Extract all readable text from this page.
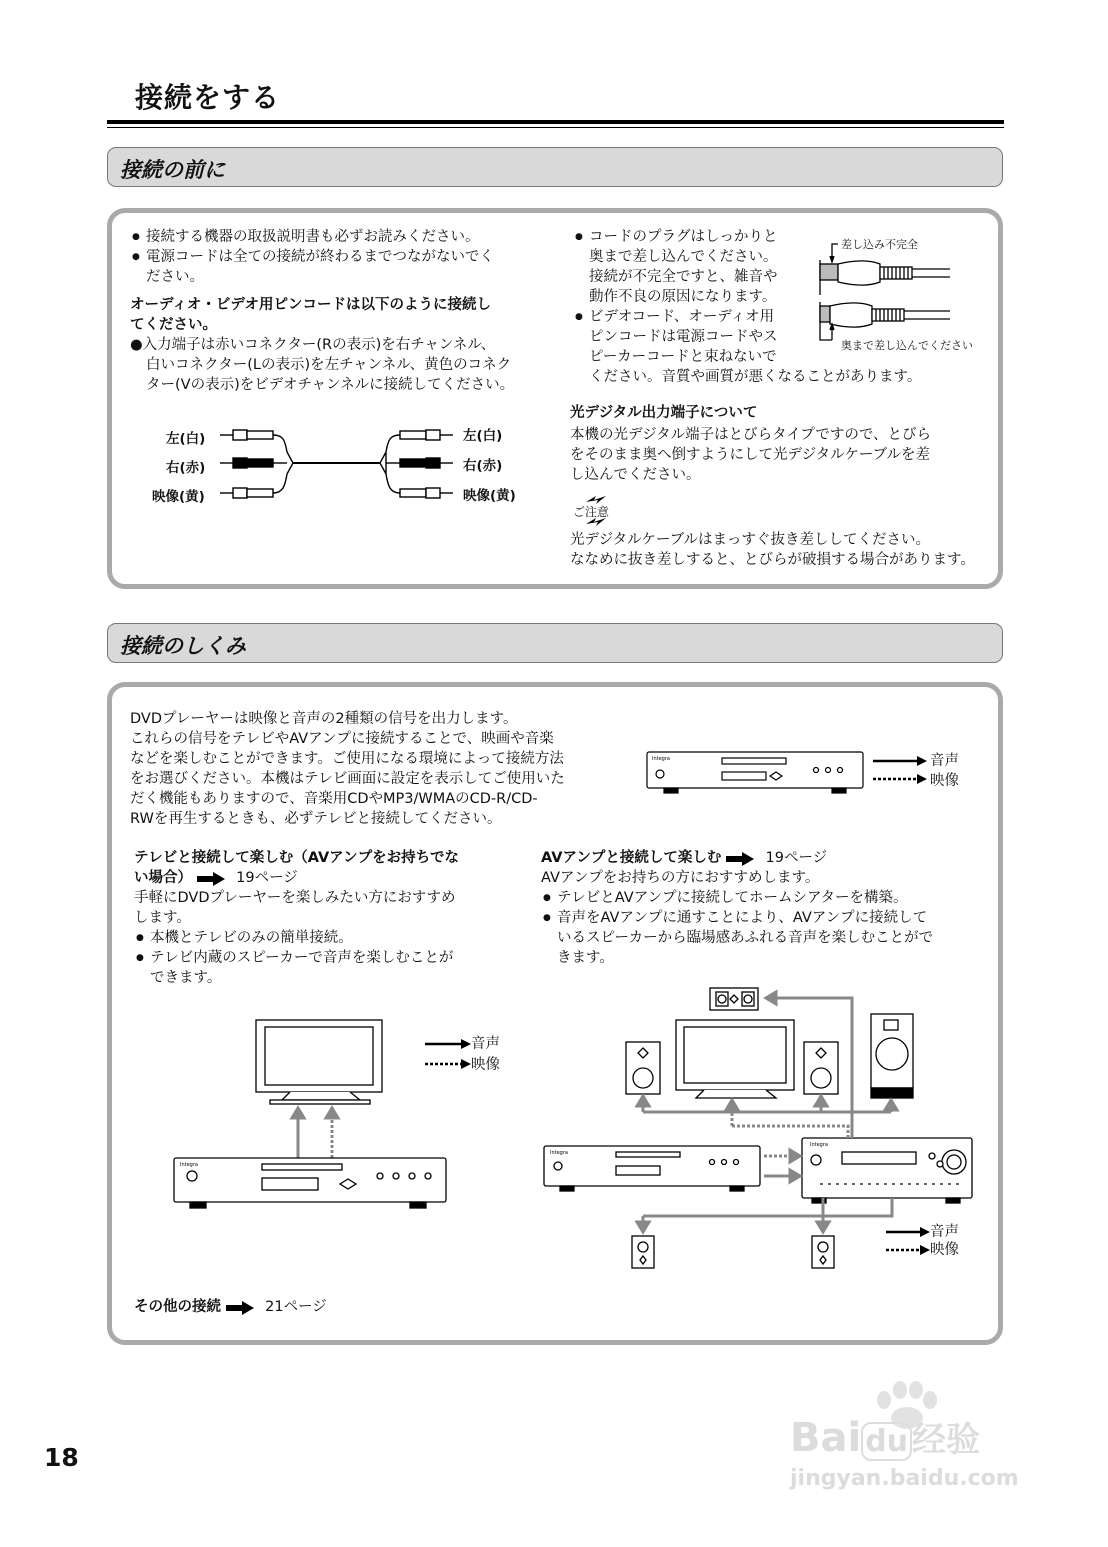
接続をする
接続の前に
● 接続する機器の取扱説明書も必ずお読みください。
● 電源コードは全ての接続が終わるまでつながないでく
ださい。
オーディオ・ビデオ用ピンコードは以下のように接続し
てください。
●入力端子は赤いコネクター(Rの表示)を右チャンネル、
白いコネクター(Lの表示)を左チャンネル、黄色のコネク
ター(Vの表示)をビデオチャンネルに接続してください。
左(白)
右(赤)
映像(黄)
左(白)
右(赤)
映像(黄)
● コードのプラグはしっかりと
奥まで差し込んでください。
接続が不完全ですと、雑音や
動作不良の原因になります。
● ビデオコード、オーディオ用
ピンコードは電源コードやス
ピーカーコードと束ねないで
ください。音質や画質が悪くなることがあります。
差し込み不完全
奥まで差し込んでください
光デジタル出力端子について
本機の光デジタル端子はとびらタイプですので、とびら
をそのまま奥へ倒すようにして光デジタルケーブルを差
し込んでください。
ご注意
光デジタルケーブルはまっすぐ抜き差ししてください。
ななめに抜き差しすると、とびらが破損する場合があります。
接続のしくみ
DVDプレーヤーは映像と音声の2種類の信号を出力します。
これらの信号をテレビやAVアンプに接続することで、映画や音楽
などを楽しむことができます。ご使用になる環境によって接続方法
をお選びください。本機はテレビ画面に設定を表示してご使用いた
だく機能もありますので、音楽用CDやMP3/WMAのCD-R/CD-
RWを再生するときも、必ずテレビと接続してください。
Integra	音声
映像
テレビと接続して楽しむ（AVアンプをお持ちでな
い場合）	19ページ
手軽にDVDプレーヤーを楽しみたい方におすすめ
します。
● 本機とテレビのみの簡単接続。
● テレビ内蔵のスピーカーで音声を楽しむことが
できます。
AVアンプと接続して楽しむ	19ページ
AVアンプをお持ちの方におすすめします。
● テレビとAVアンプに接続してホームシアターを構築。
● 音声をAVアンプに通すことにより、AVアンプに接続して
いるスピーカーから臨場感あふれる音声を楽しむことがで
きます。
Integra
音声
映像
Integra
Integra
音声
映像
その他の接続	21ページ
18	Bai du 经验
jingyan.baidu.com
